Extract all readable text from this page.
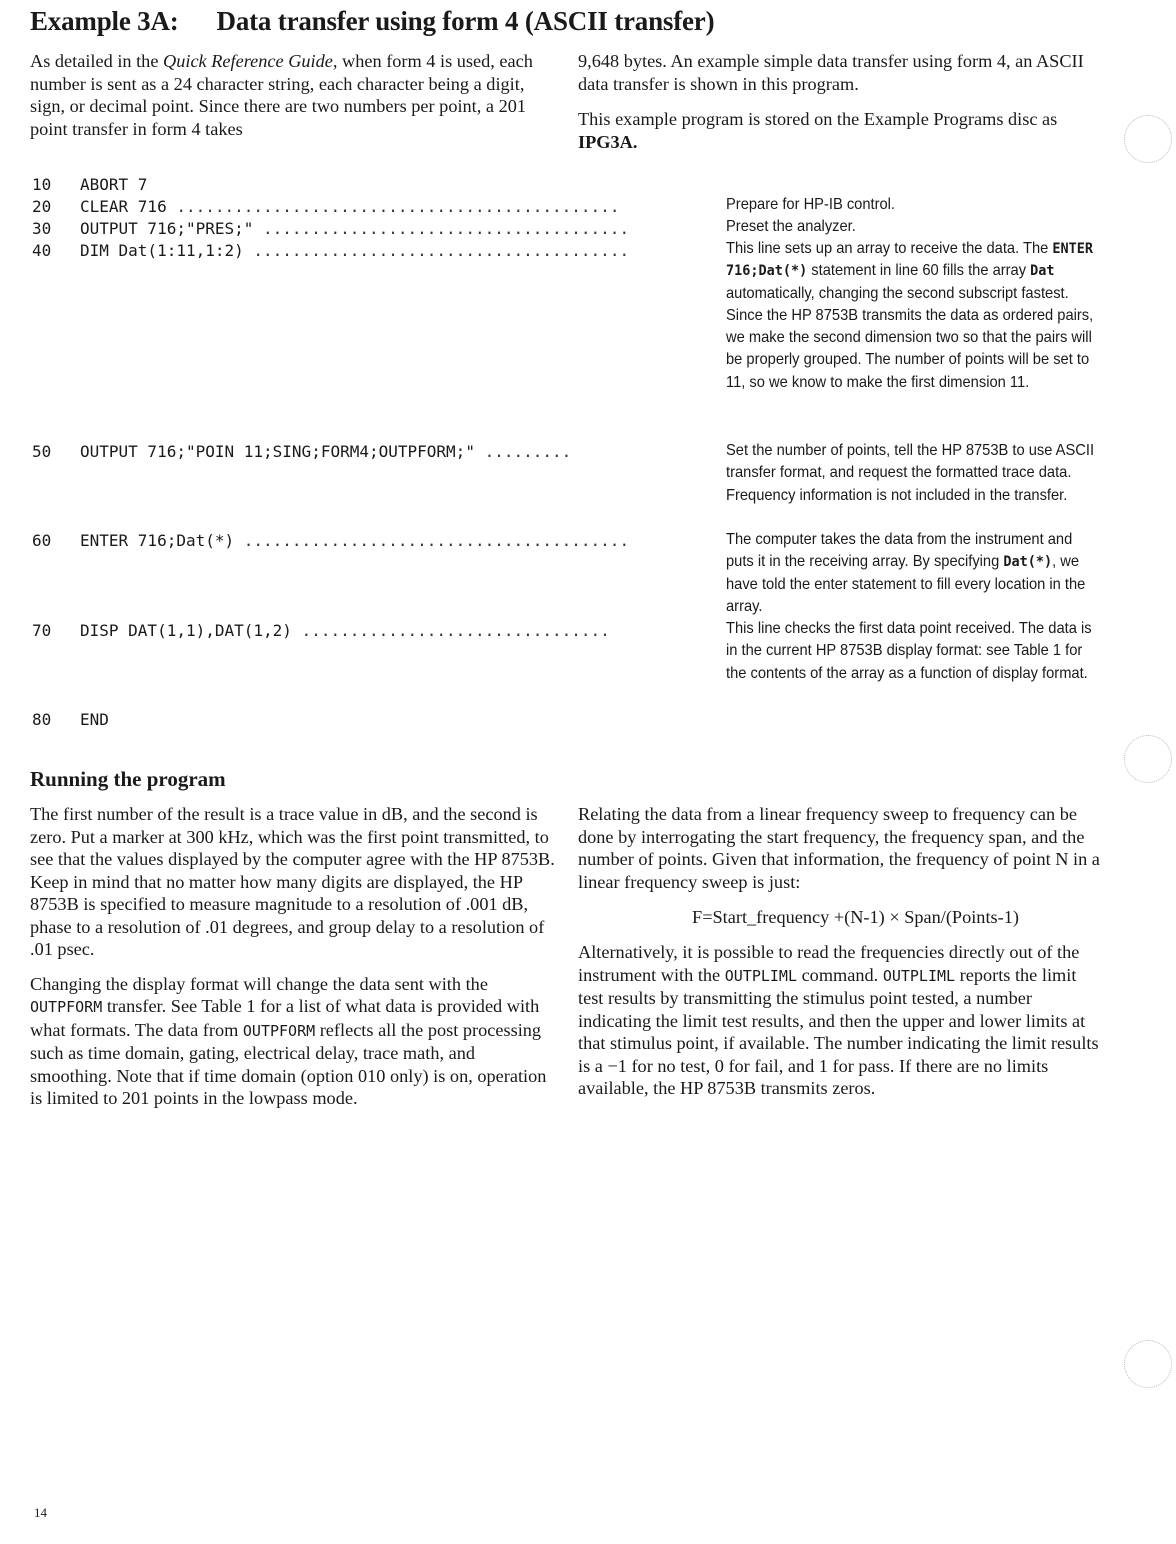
Example 3A: Data transfer using form 4 (ASCII transfer)

As detailed in the Quick Reference Guide, when form 4 is used, each number is sent as a 24 character string, each character being a digit, sign, or decimal point. Since there are two numbers per point, a 201 point transfer in form 4 takes

9,648 bytes. An example simple data transfer using form 4, an ASCII data transfer is shown in this program.

This example program is stored on the Example Programs disc as IPG3A.

10 ABORT 7
20 CLEAR 716 ..............................................
30 OUTPUT 716;"PRES;" ......................................
40 DIM Dat(1:11,1:2) .......................................
50 OUTPUT 716;"POIN 11;SING;FORM4;OUTPFORM;" .........
60 ENTER 716;Dat(*) ........................................
70 DISP DAT(1,1),DAT(1,2) ................................
80 END

Prepare for HP-IB control.

Preset the analyzer.

This line sets up an array to receive the data. The ENTER 716;Dat(*) statement in line 60 fills the array Dat automatically, changing the second subscript fastest. Since the HP 8753B transmits the data as ordered pairs, we make the second dimension two so that the pairs will be properly grouped. The number of points will be set to 11, so we know to make the first dimension 11.

Set the number of points, tell the HP 8753B to use ASCII transfer format, and request the formatted trace data. Frequency information is not included in the transfer.

The computer takes the data from the instrument and puts it in the receiving array. By specifying Dat(*), we have told the enter statement to fill every location in the array.

This line checks the first data point received. The data is in the current HP 8753B display format: see Table 1 for the contents of the array as a function of display format.

Running the program

The first number of the result is a trace value in dB, and the second is zero. Put a marker at 300 kHz, which was the first point transmitted, to see that the values displayed by the computer agree with the HP 8753B. Keep in mind that no matter how many digits are displayed, the HP 8753B is specified to measure magnitude to a resolution of .001 dB, phase to a resolution of .01 degrees, and group delay to a resolution of .01 psec.

Changing the display format will change the data sent with the OUTPFORM transfer. See Table 1 for a list of what data is provided with what formats. The data from OUTPFORM reflects all the post processing such as time domain, gating, electrical delay, trace math, and smoothing. Note that if time domain (option 010 only) is on, operation is limited to 201 points in the lowpass mode.

Relating the data from a linear frequency sweep to frequency can be done by interrogating the start frequency, the frequency span, and the number of points. Given that information, the frequency of point N in a linear frequency sweep is just:

F=Start_frequency +(N-1) × Span/(Points-1)

Alternatively, it is possible to read the frequencies directly out of the instrument with the OUTPLIML command. OUTPLIML reports the limit test results by transmitting the stimulus point tested, a number indicating the limit test results, and then the upper and lower limits at that stimulus point, if available. The number indicating the limit results is a −1 for no test, 0 for fail, and 1 for pass. If there are no limits available, the HP 8753B transmits zeros.

14
